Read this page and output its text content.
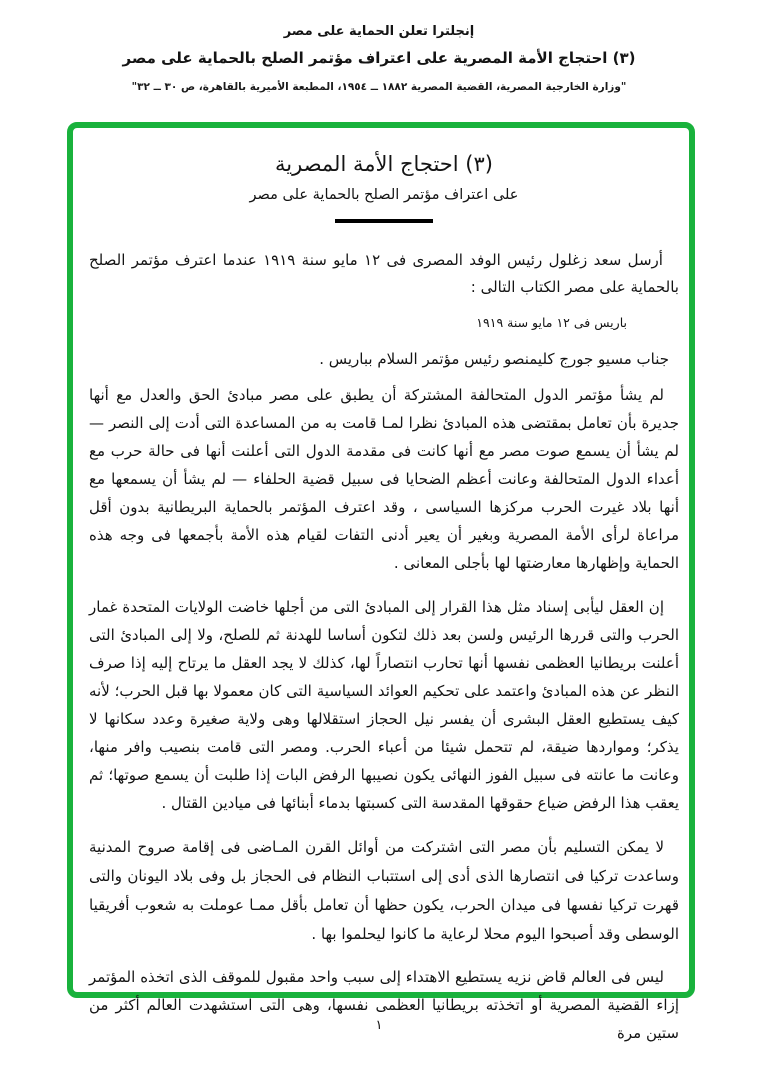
إنجلترا تعلن الحماية على مصر
(٣) احتجاج الأمة المصرية على اعتراف مؤتمر الصلح بالحماية على مصر
"وزارة الخارجية المصرية، القضية المصرية ١٨٨٢ ــ ١٩٥٤، المطبعة الأميرية بالقاهرة، ص ٣٠ ــ ٣٢"
(٣) احتجاج الأمة المصرية
على اعتراف مؤتمر الصلح بالحماية على مصر

أرسل سعد زغلول رئيس الوفد المصرى فى ١٢ مايو سنة ١٩١٩ عندما اعترف مؤتمر الصلح بالحماية على مصر الكتاب التالى :

باريس فى ١٢ مايو سنة ١٩١٩

جناب مسيو جورج كليمنصو رئيس مؤتمر السلام بباريس .

لم يشأ مؤتمر الدول المتحالفة المشتركة أن يطبق على مصر مبادئ الحق والعدل مع أنها جديرة بأن تعامل بمقتضى هذه المبادئ نظرا لمـا قامت به من المساعدة التى أدت إلى النصر — لم يشأ أن يسمع صوت مصر مع أنها كانت فى مقدمة الدول التى أعلنت أنها فى حالة حرب مع أعداء الدول المتحالفة وعانت أعظم الضحايا فى سبيل قضية الحلفاء — لم يشأ أن يسمعها مع أنها بلاد غيرت الحرب مركزها السياسى ، وقد اعترف المؤتمر بالحماية البريطانية بدون أقل مراعاة لرأى الأمة المصرية وبغير أن يعير أدنى التفات لقيام هذه الأمة بأجمعها فى وجه هذه الحماية وإظهارها معارضتها لها بأجلى المعانى .

إن العقل ليأبى إسناد مثل هذا القرار إلى المبادئ التى من أجلها خاضت الولايات المتحدة غمار الحرب والتى قررها الرئيس ولسن بعد ذلك لتكون أساسا للهدنة ثم للصلح، ولا إلى المبادئ التى أعلنت بريطانيا العظمى نفسها أنها تحارب انتصاراً لها، كذلك لا يجد العقل ما يرتاح إليه إذا صرف النظر عن هذه المبادئ واعتمد على تحكيم العوائد السياسية التى كان معمولا بها قبل الحرب؛ لأنه كيف يستطيع العقل البشرى أن يفسر نيل الحجاز استقلالها وهى ولاية صغيرة وعدد سكانها لا يذكر؛ ومواردها ضيقة، لم تتحمل شيئا من أعباء الحرب. ومصر التى قامت بنصيب وافر منها، وعانت ما عانته فى سبيل الفوز النهائى يكون نصيبها الرفض البات إذا طلبت أن يسمع صوتها؛ ثم يعقب هذا الرفض ضياع حقوقها المقدسة التى كسبتها بدماء أبنائها فى ميادين القتال .

لا يمكن التسليم بأن مصر التى اشتركت من أوائل القرن المـاضى فى إقامة صروح المدنية وساعدت تركيا فى انتصارها الذى أدى إلى استتباب النظام فى الحجاز بل وفى بلاد اليونان والتى قهرت تركيا نفسها فى ميدان الحرب، يكون حظها أن تعامل بأقل ممـا عوملت به شعوب أفريقيا الوسطى وقد أصبحوا اليوم محلا لرعاية ما كانوا ليحلموا بها .

ليس فى العالم قاض نزيه يستطيع الاهتداء إلى سبب واحد مقبول للموقف الذى اتخذه المؤتمر إزاء القضية المصرية أو اتخذته بريطانيا العظمى نفسها، وهى التى استشهدت العالم أكثر من ستين مرة

١
